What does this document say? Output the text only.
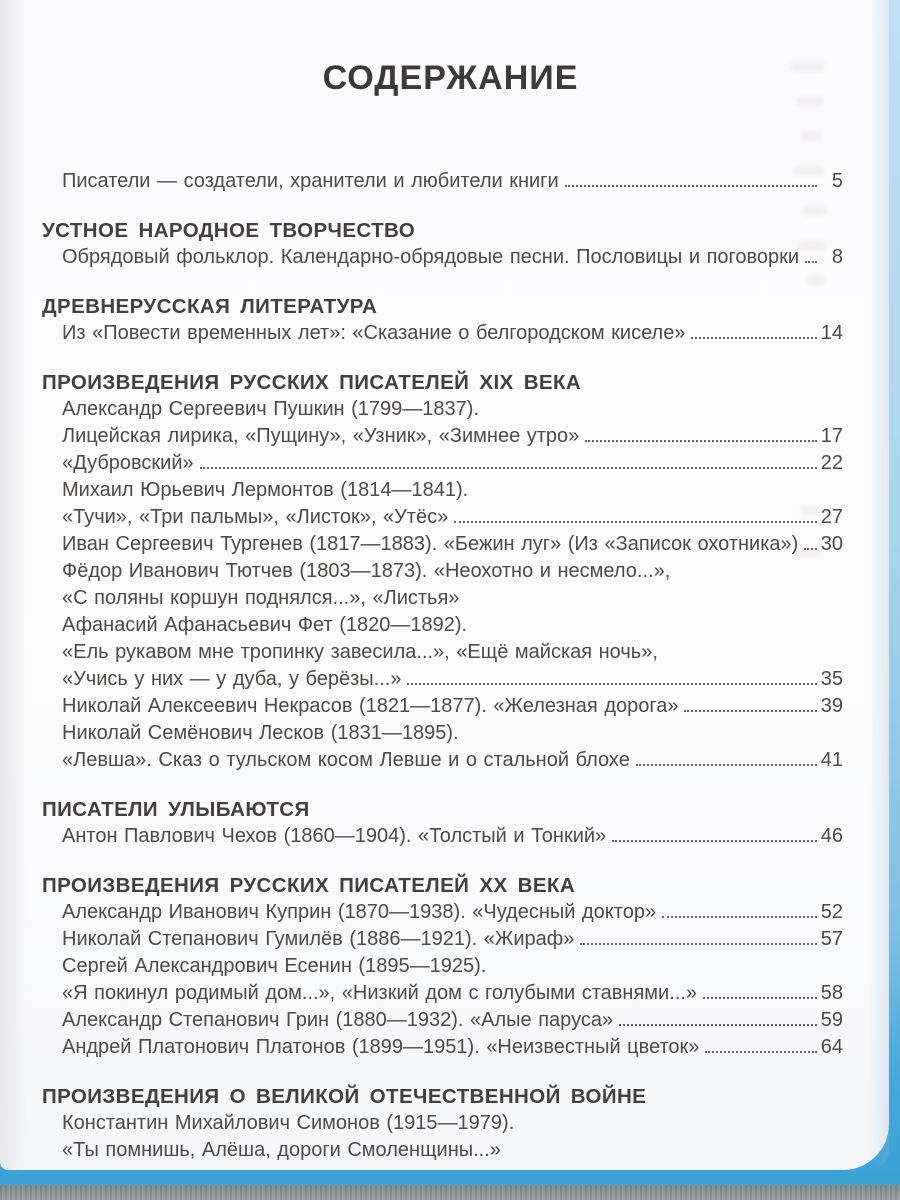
СОДЕРЖАНИЕ
Писатели — создатели, хранители и любители книги	5
УСТНОЕ НАРОДНОЕ ТВОРЧЕСТВО
Обрядовый фольклор. Календарно-обрядовые песни. Пословицы и поговорки	8
ДРЕВНЕРУССКАЯ ЛИТЕРАТУРА
Из «Повести временных лет»: «Сказание о белгородском киселе»	14
ПРОИЗВЕДЕНИЯ РУССКИХ ПИСАТЕЛЕЙ XIX ВЕКА
Александр Сергеевич Пушкин (1799—1837).
Лицейская лирика, «Пущину», «Узник», «Зимнее утро»	17
«Дубровский»	22
Михаил Юрьевич Лермонтов (1814—1841).
«Тучи», «Три пальмы», «Листок», «Утёс»	27
Иван Сергеевич Тургенев (1817—1883). «Бежин луг» (Из «Записок охотника») 30
Фёдор Иванович Тютчев (1803—1873). «Неохотно и несмело...»,
«С поляны коршун поднялся...», «Листья»
Афанасий Афанасьевич Фет (1820—1892).
«Ель рукавом мне тропинку завесила...», «Ещё майская ночь»,
«Учись у них — у дуба, у берёзы...»	35
Николай Алексеевич Некрасов (1821—1877). «Железная дорога»	39
Николай Семёнович Лесков (1831—1895).
«Левша». Сказ о тульском косом Левше и о стальной блохе	41
ПИСАТЕЛИ УЛЫБАЮТСЯ
Антон Павлович Чехов (1860—1904). «Толстый и Тонкий»	46
ПРОИЗВЕДЕНИЯ РУССКИХ ПИСАТЕЛЕЙ XX ВЕКА
Александр Иванович Куприн (1870—1938). «Чудесный доктор»	52
Николай Степанович Гумилёв (1886—1921). «Жираф»	57
Сергей Александрович Есенин (1895—1925).
«Я покинул родимый дом...», «Низкий дом с голубыми ставнями...»	58
Александр Степанович Грин (1880—1932). «Алые паруса»	59
Андрей Платонович Платонов (1899—1951). «Неизвестный цветок»	64
ПРОИЗВЕДЕНИЯ О ВЕЛИКОЙ ОТЕЧЕСТВЕННОЙ ВОЙНЕ
Константин Михайлович Симонов (1915—1979).
«Ты помнишь, Алёша, дороги Смоленщины...»
